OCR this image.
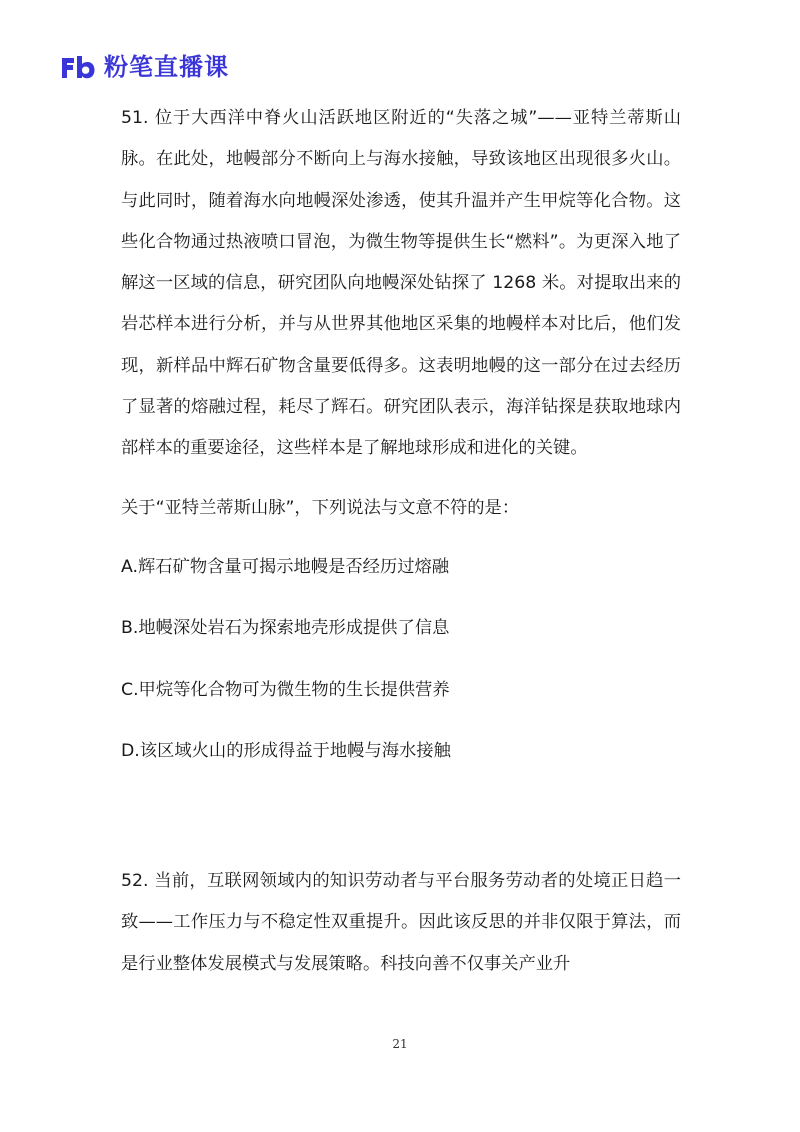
粉笔直播课

51. 位于大西洋中脊火山活跃地区附近的“失落之城”——亚特兰蒂斯山脉。在此处，地幔部分不断向上与海水接触，导致该地区出现很多火山。与此同时，随着海水向地幔深处渗透，使其升温并产生甲烷等化合物。这些化合物通过热液喷口冒泡，为微生物等提供生长“燃料”。为更深入地了解这一区域的信息，研究团队向地幔深处钻探了 1268 米。对提取出来的岩芯样本进行分析，并与从世界其他地区采集的地幔样本对比后，他们发现，新样品中辉石矿物含量要低得多。这表明地幔的这一部分在过去经历了显著的熔融过程，耗尽了辉石。研究团队表示，海洋钻探是获取地球内部样本的重要途径，这些样本是了解地球形成和进化的关键。

关于“亚特兰蒂斯山脉”，下列说法与文意不符的是：

A.辉石矿物含量可揭示地幔是否经历过熔融

B.地幔深处岩石为探索地壳形成提供了信息

C.甲烷等化合物可为微生物的生长提供营养

D.该区域火山的形成得益于地幔与海水接触

52. 当前，互联网领域内的知识劳动者与平台服务劳动者的处境正日趋一致——工作压力与不稳定性双重提升。因此该反思的并非仅限于算法，而是行业整体发展模式与发展策略。科技向善不仅事关产业升

21
